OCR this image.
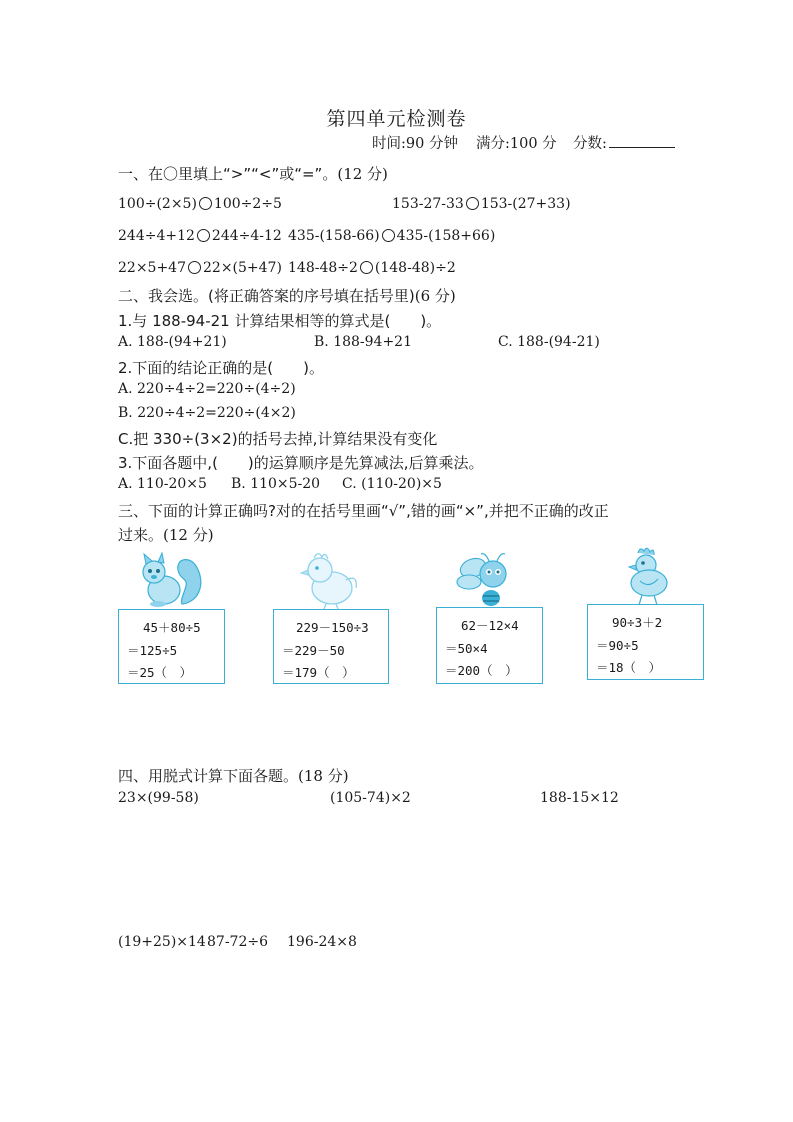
第四单元检测卷
时间:90 分钟 满分:100 分 分数:
一、在〇里填上“>”“<”或“=”。(12 分)
100÷(2×5) 100÷2÷5	153-27-33 153-(27+33)
244÷4+12 244÷4-12 435-(158-66) 435-(158+66)
22×5+47 22×(5+47) 148-48÷2 (148-48)÷2
二、我会选。(将正确答案的序号填在括号里)(6 分)
1.与 188-94-21 计算结果相等的算式是(　　)。
A. 188-(94+21)	B. 188-94+21	C. 188-(94-21)
2.下面的结论正确的是(　　)。
A. 220÷4÷2=220÷(4÷2)
B. 220÷4÷2=220÷(4×2)
C.把 330÷(3×2)的括号去掉,计算结果没有变化
3.下面各题中,(　　)的运算顺序是先算减法,后算乘法。
A. 110-20×5 B. 110×5-20 C. (110-20)×5
三、下面的计算正确吗?对的在括号里画“√”,错的画“×”,并把不正确的改正
过来。(12 分)
45＋80÷5
＝125÷5
＝25（　）
229－150÷3
＝229－50
＝179（　）
62－12×4
＝50×4
＝200（　）
90÷3＋2
＝90÷5
＝18（　）
四、用脱式计算下面各题。(18 分)
23×(99-58)	(105-74)×2	188-15×12
(19+25)×14 87-72÷6 196-24×8
